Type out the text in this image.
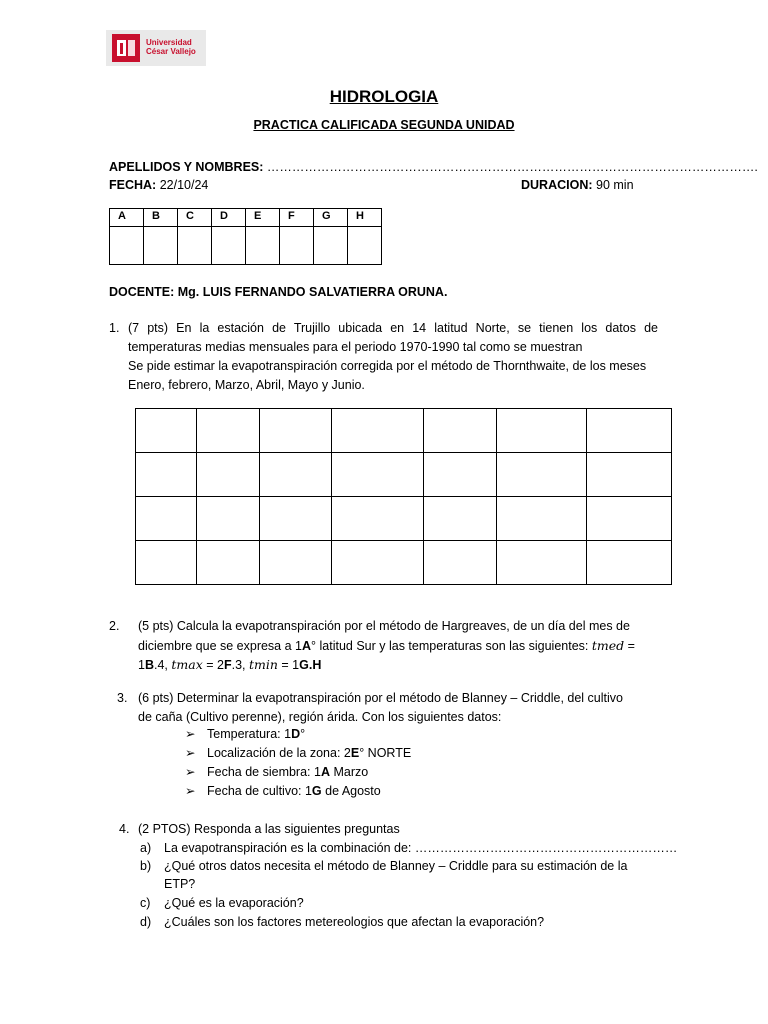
Universidad
César Vallejo
HIDROLOGIA
PRACTICA CALIFICADA SEGUNDA UNIDAD
APELLIDOS Y NOMBRES: ……………………………………………………………………………………………………….
FECHA: 22/10/24	DURACION: 90 min
A	B	C	D	E	F	G	H

DOCENTE: Mg. LUIS FERNANDO SALVATIERRA ORUNA.
1. (7 pts) En la estación de Trujillo ubicada en 14 latitud Norte, se tienen los datos de
temperaturas medias mensuales para el periodo 1970-1990 tal como se muestran
Se pide estimar la evapotranspiración corregida por el método de Thornthwaite, de los meses
Enero, febrero, Marzo, Abril, Mayo y Junio.

2. (5 pts) Calcula la evapotranspiración por el método de Hargreaves, de un día del mes de
diciembre que se expresa a 1A° latitud Sur y las temperaturas son las siguientes: tmed =
1B.4, tmax = 2F.3, tmin = 1G.H
3. (6 pts) Determinar la evapotranspiración por el método de Blanney – Criddle, del cultivo
de caña (Cultivo perenne), región árida. Con los siguientes datos:
➢ Temperatura: 1D°
➢ Localización de la zona: 2E° NORTE
➢ Fecha de siembra: 1A Marzo
➢ Fecha de cultivo: 1G de Agosto
4. (2 PTOS) Responda a las siguientes preguntas
a) La evapotranspiración es la combinación de: ………………………………………………………
b) ¿Qué otros datos necesita el método de Blanney – Criddle para su estimación de la
ETP?
c) ¿Qué es la evaporación?
d) ¿Cuáles son los factores metereologios que afectan la evaporación?
